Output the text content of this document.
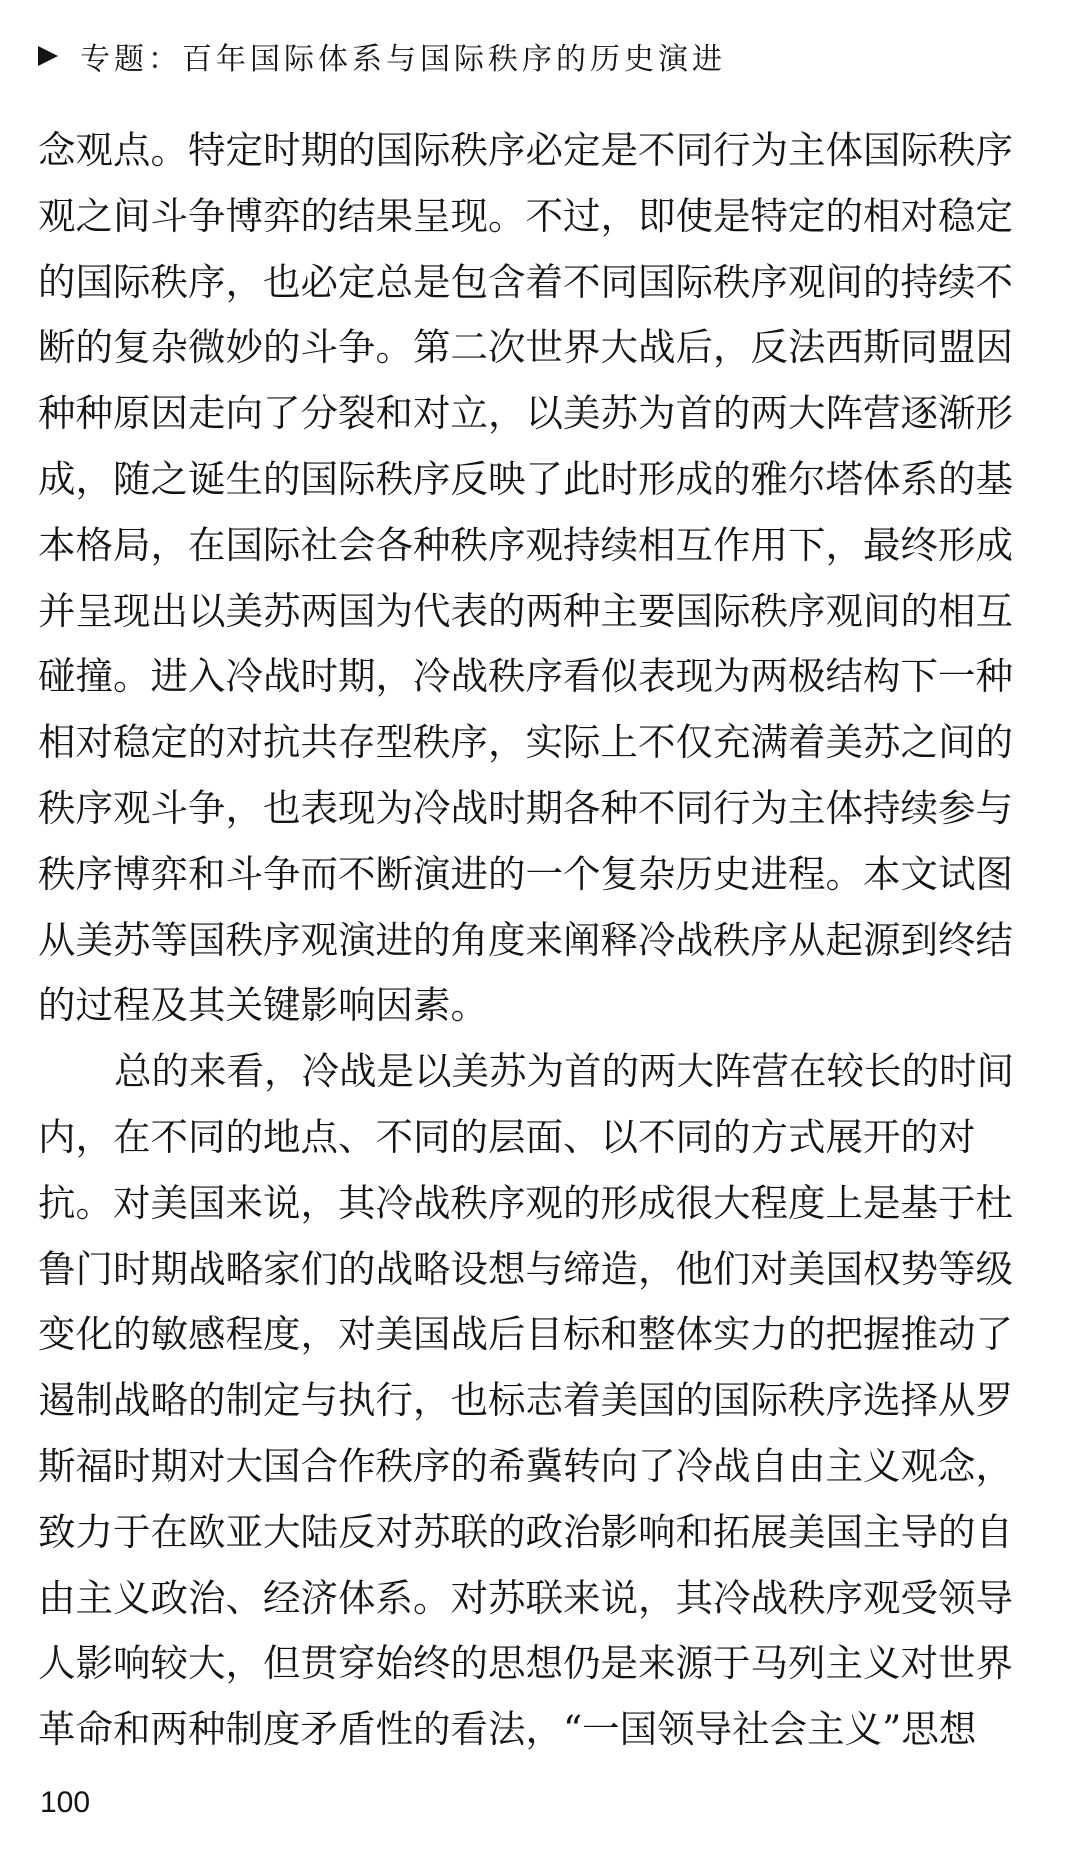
专题：百年国际体系与国际秩序的历史演进
念观点。特定时期的国际秩序必定是不同行为主体国际秩序
观之间斗争博弈的结果呈现。不过，即使是特定的相对稳定
的国际秩序，也必定总是包含着不同国际秩序观间的持续不
断的复杂微妙的斗争。第二次世界大战后，反法西斯同盟因
种种原因走向了分裂和对立，以美苏为首的两大阵营逐渐形
成，随之诞生的国际秩序反映了此时形成的雅尔塔体系的基
本格局，在国际社会各种秩序观持续相互作用下，最终形成
并呈现出以美苏两国为代表的两种主要国际秩序观间的相互
碰撞。进入冷战时期，冷战秩序看似表现为两极结构下一种
相对稳定的对抗共存型秩序，实际上不仅充满着美苏之间的
秩序观斗争，也表现为冷战时期各种不同行为主体持续参与
秩序博弈和斗争而不断演进的一个复杂历史进程。本文试图
从美苏等国秩序观演进的角度来阐释冷战秩序从起源到终结
的过程及其关键影响因素。
总的来看，冷战是以美苏为首的两大阵营在较长的时间
内，在不同的地点、不同的层面、以不同的方式展开的对
抗。对美国来说，其冷战秩序观的形成很大程度上是基于杜
鲁门时期战略家们的战略设想与缔造，他们对美国权势等级
变化的敏感程度，对美国战后目标和整体实力的把握推动了
遏制战略的制定与执行，也标志着美国的国际秩序选择从罗
斯福时期对大国合作秩序的希冀转向了冷战自由主义观念，
致力于在欧亚大陆反对苏联的政治影响和拓展美国主导的自
由主义政治、经济体系。对苏联来说，其冷战秩序观受领导
人影响较大，但贯穿始终的思想仍是来源于马列主义对世界
革命和两种制度矛盾性的看法，“一国领导社会主义”思想
100
